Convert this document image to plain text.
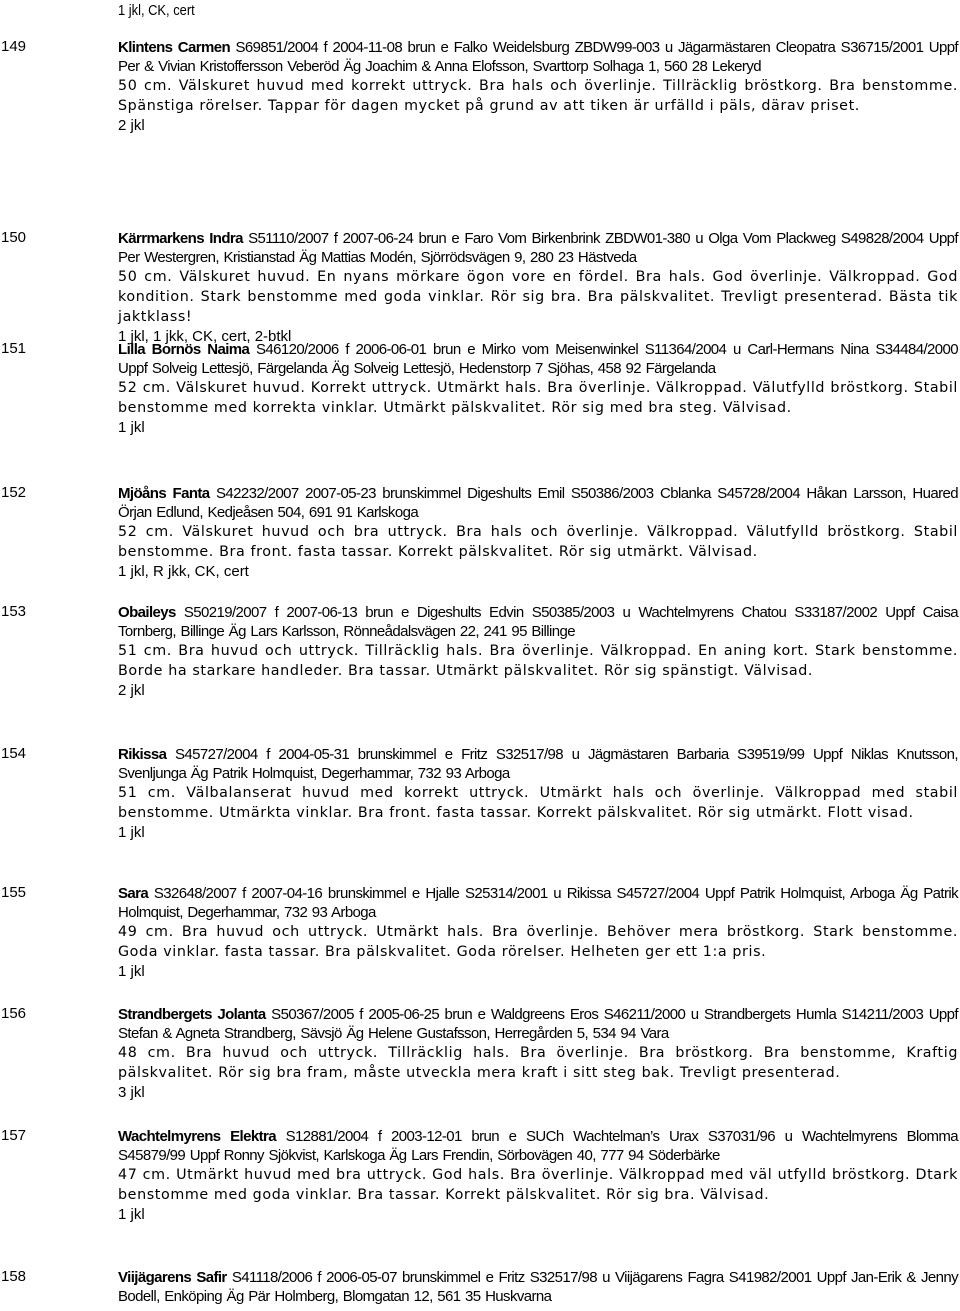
1 jkl, CK, cert
149	Klintens Carmen S69851/2004 f 2004-11-08 brun e Falko Weidelsburg ZBDW99-003 u Jägarmästaren Cleopatra S36715/2001 Uppf Per & Vivian Kristoffersson Veberöd Äg Joachim & Anna Elofsson, Svarttorp Solhaga 1, 560 28 Lekeryd
50 cm. Välskuret huvud med korrekt uttryck. Bra hals och överlinje. Tillräcklig bröstkorg. Bra benstomme. Spänstiga rörelser. Tappar för dagen mycket på grund av att tiken är urfälld i päls, därav priset.
2 jkl
150	Kärrmarkens Indra S51110/2007 f 2007-06-24 brun e Faro Vom Birkenbrink ZBDW01-380 u Olga Vom Plackweg S49828/2004 Uppf Per Westergren, Kristianstad Äg Mattias Modén, Sjörrödsvägen 9, 280 23 Hästveda
50 cm. Välskuret huvud. En nyans mörkare ögon vore en fördel. Bra hals. God överlinje. Välkroppad. God kondition. Stark benstomme med goda vinklar. Rör sig bra. Bra pälskvalitet. Trevligt presenterad. Bästa tik jaktklass!
1 jkl, 1 jkk, CK, cert, 2-btkl
151	Lilla Bornös Naima S46120/2006 f 2006-06-01 brun e Mirko vom Meisenwinkel S11364/2004 u Carl-Hermans Nina S34484/2000 Uppf Solveig Lettesjö, Färgelanda Äg Solveig Lettesjö, Hedenstorp 7 Sjöhas, 458 92 Färgelanda
52 cm. Välskuret huvud. Korrekt uttryck. Utmärkt hals. Bra överlinje. Välkroppad. Välutfylld bröstkorg. Stabil benstomme med korrekta vinklar. Utmärkt pälskvalitet. Rör sig med bra steg. Välvisad.
1 jkl
152	Mjöåns Fanta S42232/2007 2007-05-23 brunskimmel Digeshults Emil S50386/2003 Cblanka S45728/2004 Håkan Larsson, Huared Örjan Edlund, Kedjeåsen 504, 691 91 Karlskoga
52 cm. Välskuret huvud och bra uttryck. Bra hals och överlinje. Välkroppad. Välutfylld bröstkorg. Stabil benstomme. Bra front. fasta tassar. Korrekt pälskvalitet. Rör sig utmärkt. Välvisad.
1 jkl, R jkk, CK, cert
153	Obaileys S50219/2007 f 2007-06-13 brun e Digeshults Edvin S50385/2003 u Wachtelmyrens Chatou S33187/2002 Uppf Caisa Tornberg, Billinge Äg Lars Karlsson, Rönneådalsvägen 22, 241 95 Billinge
51 cm. Bra huvud och uttryck. Tillräcklig hals. Bra överlinje. Välkroppad. En aning kort. Stark benstomme. Borde ha starkare handleder. Bra tassar. Utmärkt pälskvalitet. Rör sig spänstigt. Välvisad.
2 jkl
154	Rikissa S45727/2004 f 2004-05-31 brunskimmel e Fritz S32517/98 u Jägmästaren Barbaria S39519/99 Uppf Niklas Knutsson, Svenljunga Äg Patrik Holmquist, Degerhammar, 732 93 Arboga
51 cm. Välbalanserat huvud med korrekt uttryck. Utmärkt hals och överlinje. Välkroppad med stabil benstomme. Utmärkta vinklar. Bra front. fasta tassar. Korrekt pälskvalitet. Rör sig utmärkt. Flott visad.
1 jkl
155	Sara S32648/2007 f 2007-04-16 brunskimmel e Hjalle S25314/2001 u Rikissa S45727/2004 Uppf Patrik Holmquist, Arboga Äg Patrik Holmquist, Degerhammar, 732 93 Arboga
49 cm. Bra huvud och uttryck. Utmärkt hals. Bra överlinje. Behöver mera bröstkorg. Stark benstomme. Goda vinklar. fasta tassar. Bra pälskvalitet. Goda rörelser. Helheten ger ett 1:a pris.
1 jkl
156	Strandbergets Jolanta S50367/2005 f 2005-06-25 brun e Waldgreens Eros S46211/2000 u Strandbergets Humla S14211/2003 Uppf Stefan & Agneta Strandberg, Sävsjö Äg Helene Gustafsson, Herregården 5, 534 94 Vara
48 cm. Bra huvud och uttryck. Tillräcklig hals. Bra överlinje. Bra bröstkorg. Bra benstomme, Kraftig pälskvalitet. Rör sig bra fram, måste utveckla mera kraft i sitt steg bak. Trevligt presenterad.
3 jkl
157	Wachtelmyrens Elektra S12881/2004 f 2003-12-01 brun e SUCh Wachtelman’s Urax S37031/96 u Wachtelmyrens Blomma S45879/99 Uppf Ronny Sjökvist, Karlskoga Äg Lars Frendin, Sörbovägen 40, 777 94 Söderbärke
47 cm. Utmärkt huvud med bra uttryck. God hals. Bra överlinje. Välkroppad med väl utfylld bröstkorg. Dtark benstomme med goda vinklar. Bra tassar. Korrekt pälskvalitet. Rör sig bra. Välvisad.
1 jkl
158	Viijägarens Safir S41118/2006 f 2006-05-07 brunskimmel e Fritz S32517/98 u Viijägarens Fagra S41982/2001 Uppf Jan-Erik & Jenny Bodell, Enköping Äg Pär Holmberg, Blomgatan 12, 561 35 Huskvarna
